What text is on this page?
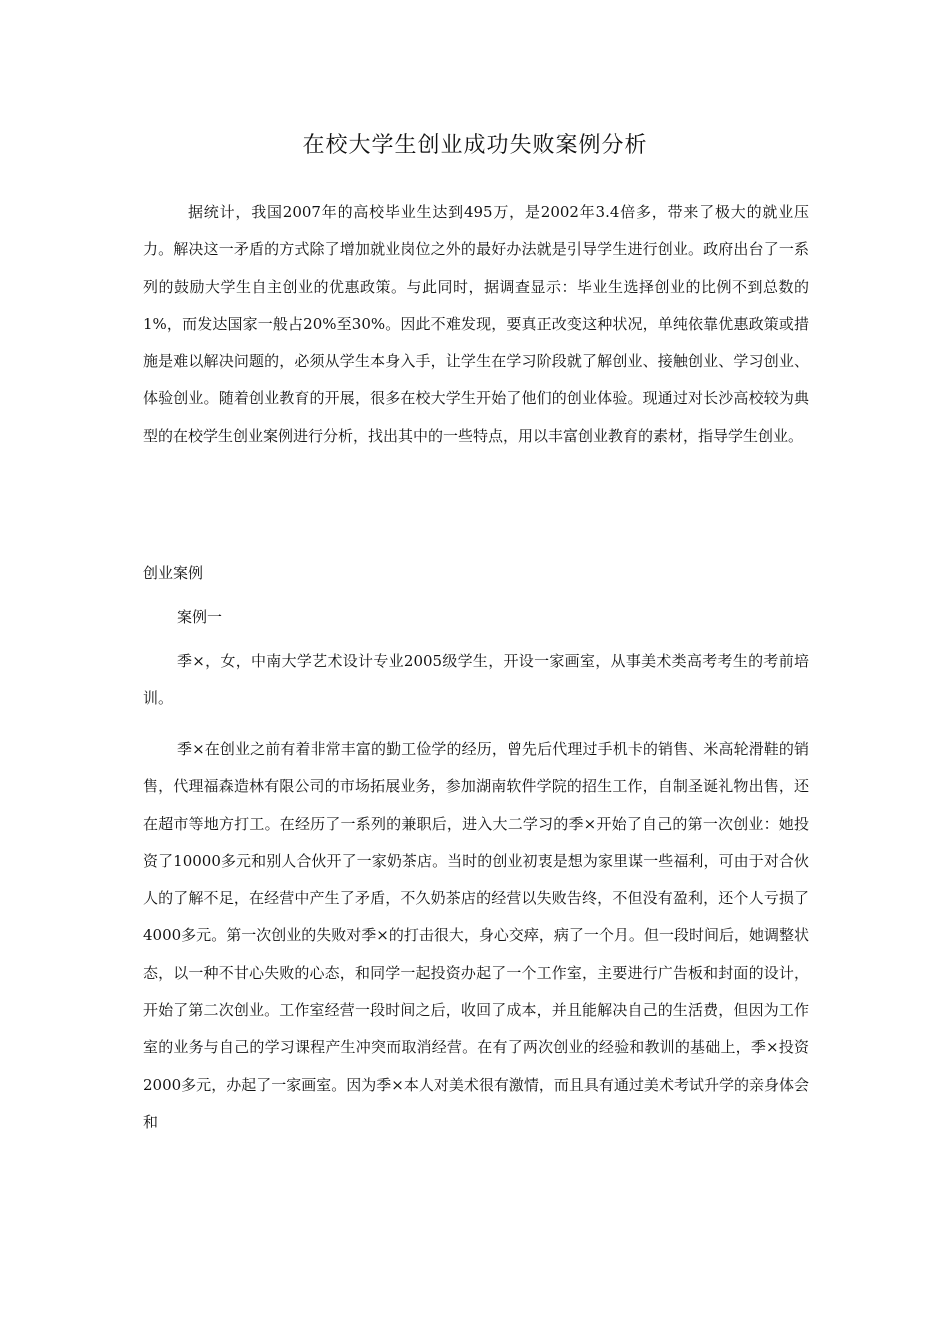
在校大学生创业成功失败案例分析

据统计，我国2007年的高校毕业生达到495万，是2002年3.4倍多，带来了极大的就业压力。解决这一矛盾的方式除了增加就业岗位之外的最好办法就是引导学生进行创业。政府出台了一系列的鼓励大学生自主创业的优惠政策。与此同时，据调查显示：毕业生选择创业的比例不到总数的1%，而发达国家一般占20%至30%。因此不难发现，要真正改变这种状况，单纯依靠优惠政策或措施是难以解决问题的，必须从学生本身入手，让学生在学习阶段就了解创业、接触创业、学习创业、体验创业。随着创业教育的开展，很多在校大学生开始了他们的创业体验。现通过对长沙高校较为典型的在校学生创业案例进行分析，找出其中的一些特点，用以丰富创业教育的素材，指导学生创业。

创业案例

案例一

季×，女，中南大学艺术设计专业2005级学生，开设一家画室，从事美术类高考考生的考前培训。

季×在创业之前有着非常丰富的勤工俭学的经历，曾先后代理过手机卡的销售、米高轮滑鞋的销售，代理福森造林有限公司的市场拓展业务，参加湖南软件学院的招生工作，自制圣诞礼物出售，还在超市等地方打工。在经历了一系列的兼职后，进入大二学习的季×开始了自己的第一次创业：她投资了10000多元和别人合伙开了一家奶茶店。当时的创业初衷是想为家里谋一些福利，可由于对合伙人的了解不足，在经营中产生了矛盾，不久奶茶店的经营以失败告终，不但没有盈利，还个人亏损了4000多元。第一次创业的失败对季×的打击很大，身心交瘁，病了一个月。但一段时间后，她调整状态，以一种不甘心失败的心态，和同学一起投资办起了一个工作室，主要进行广告板和封面的设计，开始了第二次创业。工作室经营一段时间之后，收回了成本，并且能解决自己的生活费，但因为工作室的业务与自己的学习课程产生冲突而取消经营。在有了两次创业的经验和教训的基础上，季×投资2000多元，办起了一家画室。因为季×本人对美术很有激情，而且具有通过美术考试升学的亲身体会和
